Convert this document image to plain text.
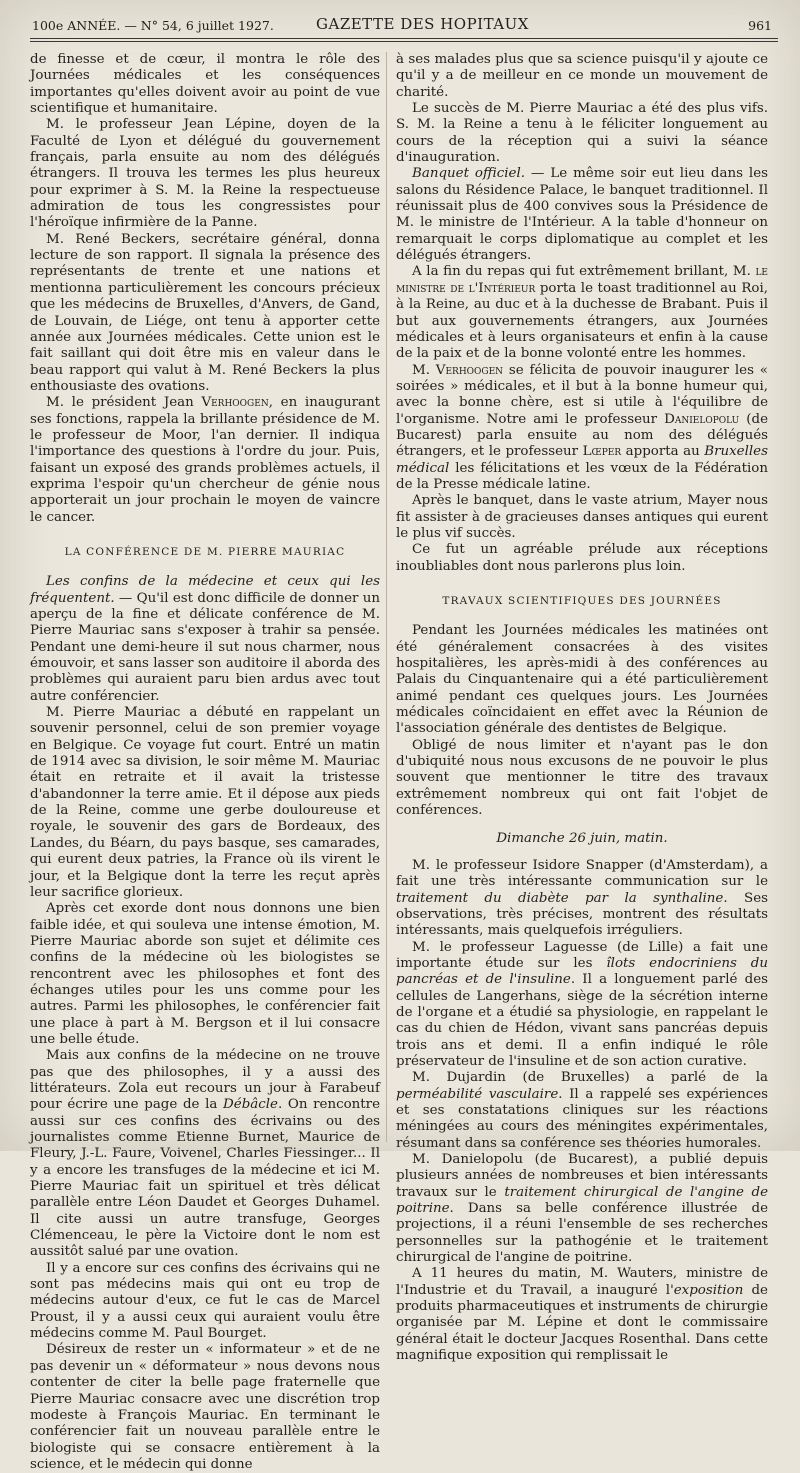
100e ANNÉE. — N° 54, 6 juillet 1927.	GAZETTE DES HOPITAUX	961

de finesse et de cœur, il montra le rôle des Journées médicales et les conséquences importantes qu'elles doivent avoir au point de vue scientifique et humanitaire.

M. le professeur Jean Lépine, doyen de la Faculté de Lyon et délégué du gouvernement français, parla ensuite au nom des délégués étrangers. Il trouva les termes les plus heureux pour exprimer à S. M. la Reine la respectueuse admiration de tous les congressistes pour l'héroïque infirmière de la Panne.

M. René Beckers, secrétaire général, donna lecture de son rapport. Il signala la présence des représentants de trente et une nations et mentionna particulièrement les concours précieux que les médecins de Bruxelles, d'Anvers, de Gand, de Louvain, de Liége, ont tenu à apporter cette année aux Journées médicales. Cette union est le fait saillant qui doit être mis en valeur dans le beau rapport qui valut à M. René Beckers la plus enthousiaste des ovations.

M. le président Jean Verhoogen, en inaugurant ses fonctions, rappela la brillante présidence de M. le professeur de Moor, l'an dernier. Il indiqua l'importance des questions à l'ordre du jour. Puis, faisant un exposé des grands problèmes actuels, il exprima l'espoir qu'un chercheur de génie nous apporterait un jour prochain le moyen de vaincre le cancer.

LA CONFÉRENCE DE M. PIERRE MAURIAC

Les confins de la médecine et ceux qui les fréquentent. — Qu'il est donc difficile de donner un aperçu de la fine et délicate conférence de M. Pierre Mauriac sans s'exposer à trahir sa pensée. Pendant une demi-heure il sut nous charmer, nous émouvoir, et sans lasser son auditoire il aborda des problèmes qui auraient paru bien ardus avec tout autre conférencier.

M. Pierre Mauriac a débuté en rappelant un souvenir personnel, celui de son premier voyage en Belgique. Ce voyage fut court. Entré un matin de 1914 avec sa division, le soir même M. Mauriac était en retraite et il avait la tristesse d'abandonner la terre amie. Et il dépose aux pieds de la Reine, comme une gerbe douloureuse et royale, le souvenir des gars de Bordeaux, des Landes, du Béarn, du pays basque, ses camarades, qui eurent deux patries, la France où ils virent le jour, et la Belgique dont la terre les reçut après leur sacrifice glorieux.

Après cet exorde dont nous donnons une bien faible idée, et qui souleva une intense émotion, M. Pierre Mauriac aborde son sujet et délimite ces confins de la médecine où les biologistes se rencontrent avec les philosophes et font des échanges utiles pour les uns comme pour les autres. Parmi les philosophes, le conférencier fait une place à part à M. Bergson et il lui consacre une belle étude.

Mais aux confins de la médecine on ne trouve pas que des philosophes, il y a aussi des littérateurs. Zola eut recours un jour à Farabeuf pour écrire une page de la Débâcle. On rencontre aussi sur ces confins des écrivains ou des journalistes comme Etienne Burnet, Maurice de Fleury, J.-L. Faure, Voivenel, Charles Fiessinger... Il y a encore les transfuges de la médecine et ici M. Pierre Mauriac fait un spirituel et très délicat parallèle entre Léon Daudet et Georges Duhamel. Il cite aussi un autre transfuge, Georges Clémenceau, le père la Victoire dont le nom est aussitôt salué par une ovation.

Il y a encore sur ces confins des écrivains qui ne sont pas médecins mais qui ont eu trop de médecins autour d'eux, ce fut le cas de Marcel Proust, il y a aussi ceux qui auraient voulu être médecins comme M. Paul Bourget.

Désireux de rester un « informateur » et de ne pas devenir un « déformateur » nous devons nous contenter de citer la belle page fraternelle que Pierre Mauriac consacre avec une discrétion trop modeste à François Mauriac. En terminant le conférencier fait un nouveau parallèle entre le biologiste qui se consacre entièrement à la science, et le médecin qui donne

à ses malades plus que sa science puisqu'il y ajoute ce qu'il y a de meilleur en ce monde un mouvement de charité.

Le succès de M. Pierre Mauriac a été des plus vifs. S. M. la Reine a tenu à le féliciter longuement au cours de la réception qui a suivi la séance d'inauguration.

Banquet officiel. — Le même soir eut lieu dans les salons du Résidence Palace, le banquet traditionnel. Il réunissait plus de 400 convives sous la Présidence de M. le ministre de l'Intérieur. A la table d'honneur on remarquait le corps diplomatique au complet et les délégués étrangers.

A la fin du repas qui fut extrêmement brillant, M. le ministre de l'Intérieur porta le toast traditionnel au Roi, à la Reine, au duc et à la duchesse de Brabant. Puis il but aux gouvernements étrangers, aux Journées médicales et à leurs organisateurs et enfin à la cause de la paix et de la bonne volonté entre les hommes.

M. Verhoogen se félicita de pouvoir inaugurer les « soirées » médicales, et il but à la bonne humeur qui, avec la bonne chère, est si utile à l'équilibre de l'organisme. Notre ami le professeur Danielopolu (de Bucarest) parla ensuite au nom des délégués étrangers, et le professeur Lœper apporta au Bruxelles médical les félicitations et les vœux de la Fédération de la Presse médicale latine.

Après le banquet, dans le vaste atrium, Mayer nous fit assister à de gracieuses danses antiques qui eurent le plus vif succès.

Ce fut un agréable prélude aux réceptions inoubliables dont nous parlerons plus loin.

TRAVAUX SCIENTIFIQUES DES JOURNÉES

Pendant les Journées médicales les matinées ont été généralement consacrées à des visites hospitalières, les après-midi à des conférences au Palais du Cinquantenaire qui a été particulièrement animé pendant ces quelques jours. Les Journées médicales coïncidaient en effet avec la Réunion de l'association générale des dentistes de Belgique.

Obligé de nous limiter et n'ayant pas le don d'ubiquité nous nous excusons de ne pouvoir le plus souvent que mentionner le titre des travaux extrêmement nombreux qui ont fait l'objet de conférences.

Dimanche 26 juin, matin.

M. le professeur Isidore Snapper (d'Amsterdam), a fait une très intéressante communication sur le traitement du diabète par la synthaline. Ses observations, très précises, montrent des résultats intéressants, mais quelquefois irréguliers.

M. le professeur Laguesse (de Lille) a fait une importante étude sur les îlots endocriniens du pancréas et de l'insuline. Il a longuement parlé des cellules de Langerhans, siège de la sécrétion interne de l'organe et a étudié sa physiologie, en rappelant le cas du chien de Hédon, vivant sans pancréas depuis trois ans et demi. Il a enfin indiqué le rôle préservateur de l'insuline et de son action curative.

M. Dujardin (de Bruxelles) a parlé de la perméabilité vasculaire. Il a rappelé ses expériences et ses constatations cliniques sur les réactions méningées au cours des méningites expérimentales, résumant dans sa conférence ses théories humorales.

M. Danielopolu (de Bucarest), a publié depuis plusieurs années de nombreuses et bien intéressants travaux sur le traitement chirurgical de l'angine de poitrine. Dans sa belle conférence illustrée de projections, il a réuni l'ensemble de ses recherches personnelles sur la pathogénie et le traitement chirurgical de l'angine de poitrine.

A 11 heures du matin, M. Wauters, ministre de l'Industrie et du Travail, a inauguré l'exposition de produits pharmaceutiques et instruments de chirurgie organisée par M. Lépine et dont le commissaire général était le docteur Jacques Rosenthal. Dans cette magnifique exposition qui remplissait le
